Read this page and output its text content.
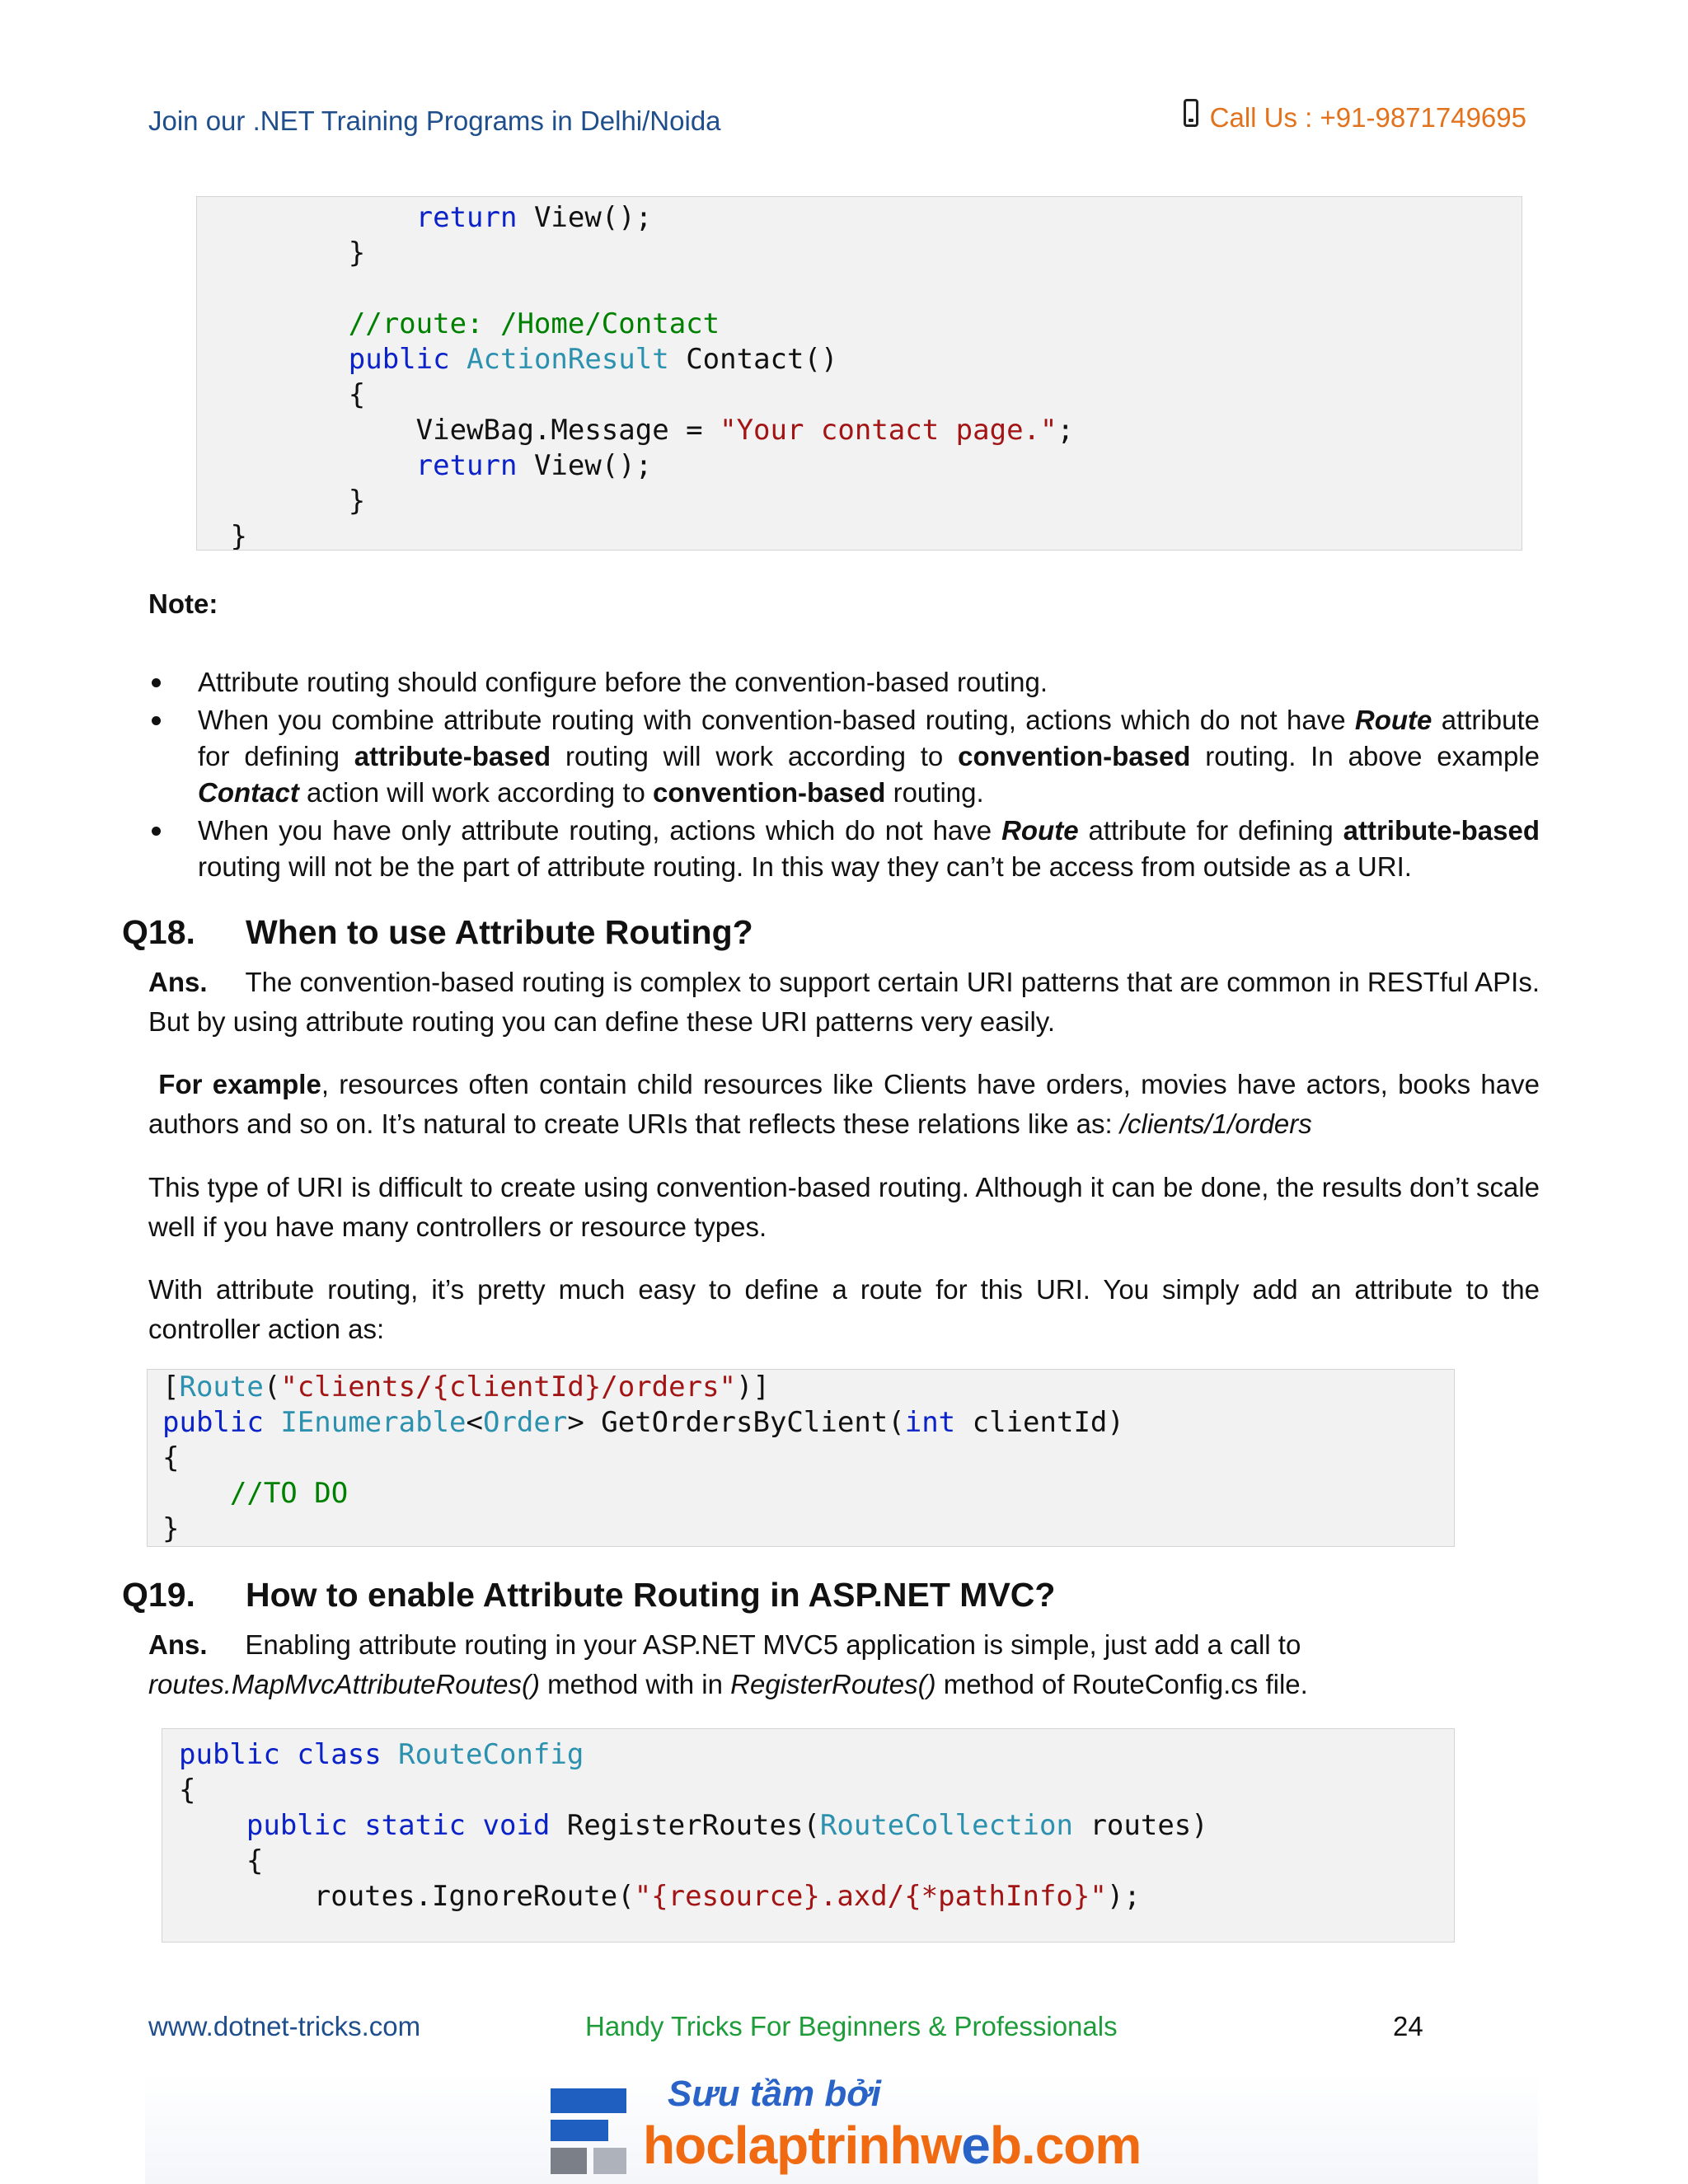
Join our .NET Training Programs in Delhi/Noida	Call Us : +91-9871749695
return View();
}
//route: /Home/Contact
public ActionResult Contact()
{
ViewBag.Message = "Your contact page.";
return View();
}
}
Note:
Attribute routing should configure before the convention-based routing.
When you combine attribute routing with convention-based routing, actions which do not have Route attribute for defining attribute-based routing will work according to convention-based routing. In above example Contact action will work according to convention-based routing.
When you have only attribute routing, actions which do not have Route attribute for defining attribute-based routing will not be the part of attribute routing. In this way they can’t be access from outside as a URI.
Q18. When to use Attribute Routing?
Ans. The convention-based routing is complex to support certain URI patterns that are common in RESTful APIs. But by using attribute routing you can define these URI patterns very easily.
For example, resources often contain child resources like Clients have orders, movies have actors, books have authors and so on. It’s natural to create URIs that reflects these relations like as: /clients/1/orders
This type of URI is difficult to create using convention-based routing. Although it can be done, the results don’t scale well if you have many controllers or resource types.
With attribute routing, it’s pretty much easy to define a route for this URI. You simply add an attribute to the controller action as:
[Route("clients/{clientId}/orders")]
public IEnumerable<Order> GetOrdersByClient(int clientId)
{
//TO DO
}
Q19. How to enable Attribute Routing in ASP.NET MVC?
Ans. Enabling attribute routing in your ASP.NET MVC5 application is simple, just add a call to
routes.MapMvcAttributeRoutes() method with in RegisterRoutes() method of RouteConfig.cs file.
public class RouteConfig
{
public static void RegisterRoutes(RouteCollection routes)
{
routes.IgnoreRoute("{resource}.axd/{*pathInfo}");
www.dotnet-tricks.com	Handy Tricks For Beginners & Professionals	24
Sưu tầm bởi
hoclaptrinhweb.com
